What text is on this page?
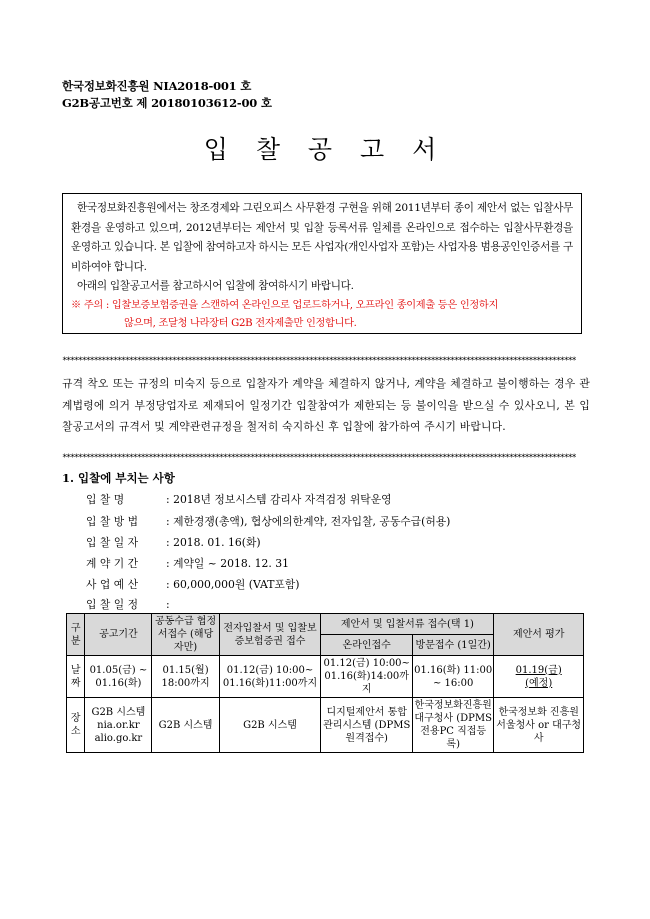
한국정보화진흥원 NIA2018-001 호
G2B공고번호 제 20180103612-00 호
입 찰 공 고 서

한국정보화진흥원에서는 창조경제와 그린오피스 사무환경 구현을 위해 2011년부터 종이 제안서 없는 입찰사무환경을 운영하고 있으며, 2012년부터는 제안서 및 입찰 등록서류 일체를 온라인으로 접수하는 입찰사무환경을 운영하고 있습니다. 본 입찰에 참여하고자 하시는 모든 사업자(개인사업자 포함)는 사업자용 범용공인인증서를 구비하여야 합니다.

아래의 입찰공고서를 참고하시어 입찰에 참여하시기 바랍니다.

※ 주의 : 입찰보증보험증권을 스캔하여 온라인으로 업로드하거나, 오프라인 종이제출 등은 인정하지
않으며, 조달청 나라장터 G2B 전자제출만 인정합니다.
***********************************************************************************************************************************
규격 착오 또는 규정의 미숙지 등으로 입찰자가 계약을 체결하지 않거나, 계약을 체결하고 불이행하는 경우 관계법령에 의거 부정당업자로 제재되어 일정기간 입찰참여가 제한되는 등 불이익을 받으실 수 있사오니, 본 입찰공고서의 규격서 및 계약관련규정을 철저히 숙지하신 후 입찰에 참가하여 주시기 바랍니다.
***********************************************************************************************************************************
1. 입찰에 부치는 사항
입 찰 명	: 2018년 정보시스템 감리사 자격검정 위탁운영
입 찰 방 법	: 제한경쟁(총액), 협상에의한계약, 전자입찰, 공동수급(허용)
입 찰 일 자	: 2018. 01. 16(화)
계 약 기 간	: 계약일 ~ 2018. 12. 31
사 업 예 산	: 60,000,000원 (VAT포함)
입 찰 일 정	:
구분	공고기간	공동수급 협정서접수 (해당자만)	전자입찰서 및 입찰보증보험증권 접수	제안서 및 입찰서류 접수(택 1)		제안서 평가
				온라인접수	방문접수 (1일간)	
날짜	01.05(금) ~ 01.16(화)	01.15(월) 18:00까지	01.12(금) 10:00~ 01.16(화)11:00까지	01.12(금) 10:00~ 01.16(화)14:00까지	01.16(화) 11:00 ~ 16:00	01.19(금)
(예정)

장소	G2B 시스템 nia.or.kr alio.go.kr	G2B 시스템	G2B 시스템	디지털제안서 통합관리시스템 (DPMS 원격접수)	한국정보화진흥원 대구청사 (DPMS전용PC 직접등록)	한국정보화 진흥원 서울청사 or 대구청사
